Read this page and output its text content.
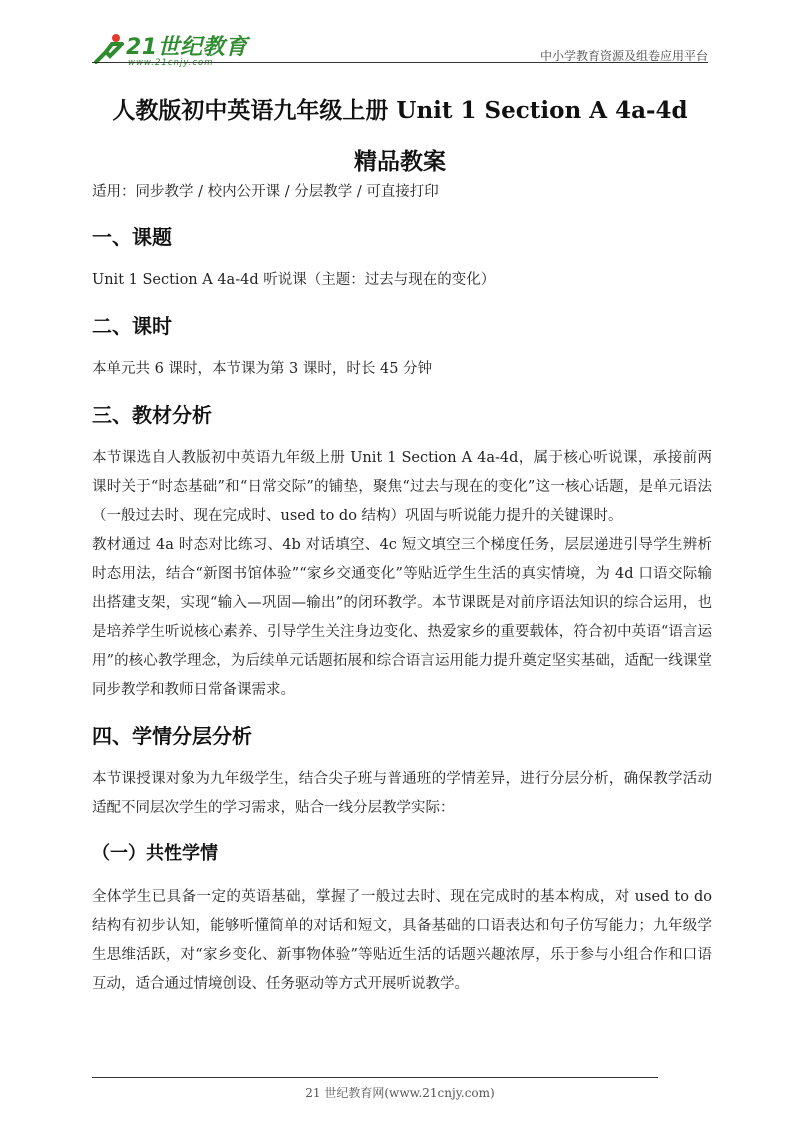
21世纪教育
www.21cnjy.com	中小学教育资源及组卷应用平台
人教版初中英语九年级上册 Unit 1 Section A 4a-4d
精品教案

适用：同步教学 / 校内公开课 / 分层教学 / 可直接打印

一、课题

Unit 1 Section A 4a-4d 听说课（主题：过去与现在的变化）

二、课时

本单元共 6 课时，本节课为第 3 课时，时长 45 分钟

三、教材分析

本节课选自人教版初中英语九年级上册 Unit 1 Section A 4a-4d，属于核心听说课，承接前两课时关于“时态基础”和“日常交际”的铺垫，聚焦“过去与现在的变化”这一核心话题，是单元语法（一般过去时、现在完成时、used to do 结构）巩固与听说能力提升的关键课时。

教材通过 4a 时态对比练习、4b 对话填空、4c 短文填空三个梯度任务，层层递进引导学生辨析时态用法，结合“新图书馆体验”“家乡交通变化”等贴近学生生活的真实情境，为 4d 口语交际输出搭建支架，实现“输入—巩固—输出”的闭环教学。本节课既是对前序语法知识的综合运用，也是培养学生听说核心素养、引导学生关注身边变化、热爱家乡的重要载体，符合初中英语“语言运用”的核心教学理念，为后续单元话题拓展和综合语言运用能力提升奠定坚实基础，适配一线课堂同步教学和教师日常备课需求。

四、学情分层分析

本节课授课对象为九年级学生，结合尖子班与普通班的学情差异，进行分层分析，确保教学活动适配不同层次学生的学习需求，贴合一线分层教学实际：

（一）共性学情

全体学生已具备一定的英语基础，掌握了一般过去时、现在完成时的基本构成，对 used to do 结构有初步认知，能够听懂简单的对话和短文，具备基础的口语表达和句子仿写能力；九年级学生思维活跃，对“家乡变化、新事物体验”等贴近生活的话题兴趣浓厚，乐于参与小组合作和口语互动，适合通过情境创设、任务驱动等方式开展听说教学。

21 世纪教育网(www.21cnjy.com)
